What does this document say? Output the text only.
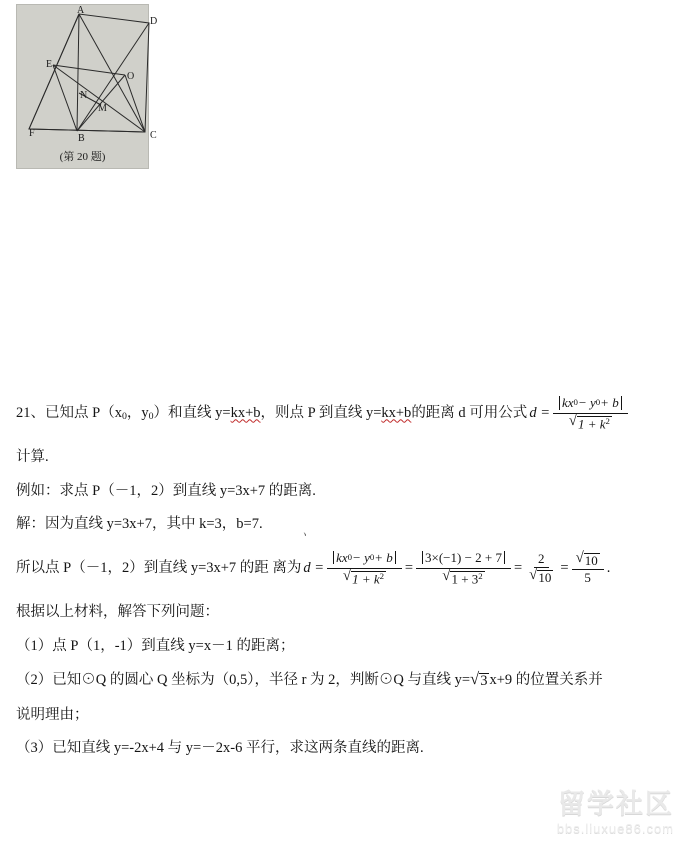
A
D
E
O
N
M
F	B	C
(第 20 题)
21、 已知点 P（x $_0$ ，y $_0$ ）和直线 y= kx+b ，则点 P 到直线 y= kx+b 的距离 d 可用公式 $d = \frac{kx 0 - y 0 + b}{√ 1 + k^2}$
计算.
例如：求点 P（－1，2）到直线 y=3x+7 的距离.
解：因为直线 y=3x+7，其中 k=3，b=7.
所以点 P（－1，2）到直线 y=3x+7 的距 离为 $d = \frac{kx 0 - y 0 + b}{√ 1 + k^2} = \frac{3\times(-1) - 2 + 7}{√ 1 + 3^2} = \frac{2}{√ 10} = \frac{√ 10}{5}$ .
根据以上材料，解答下列问题：
（1）点 P（1，-1）到直线 y=x－1 的距离；
（2）已知⊙Q 的圆心 Q 坐标为（0,5），半径 r 为 2，判断⊙Q 与直线 y= √ 3 x+9 的位置关系并
说明理由；
（3）已知直线 y=-2x+4 与 y=－2x-6 平行，求这两条直线的距离.
、
留学社区
bbs.liuxue86.com
